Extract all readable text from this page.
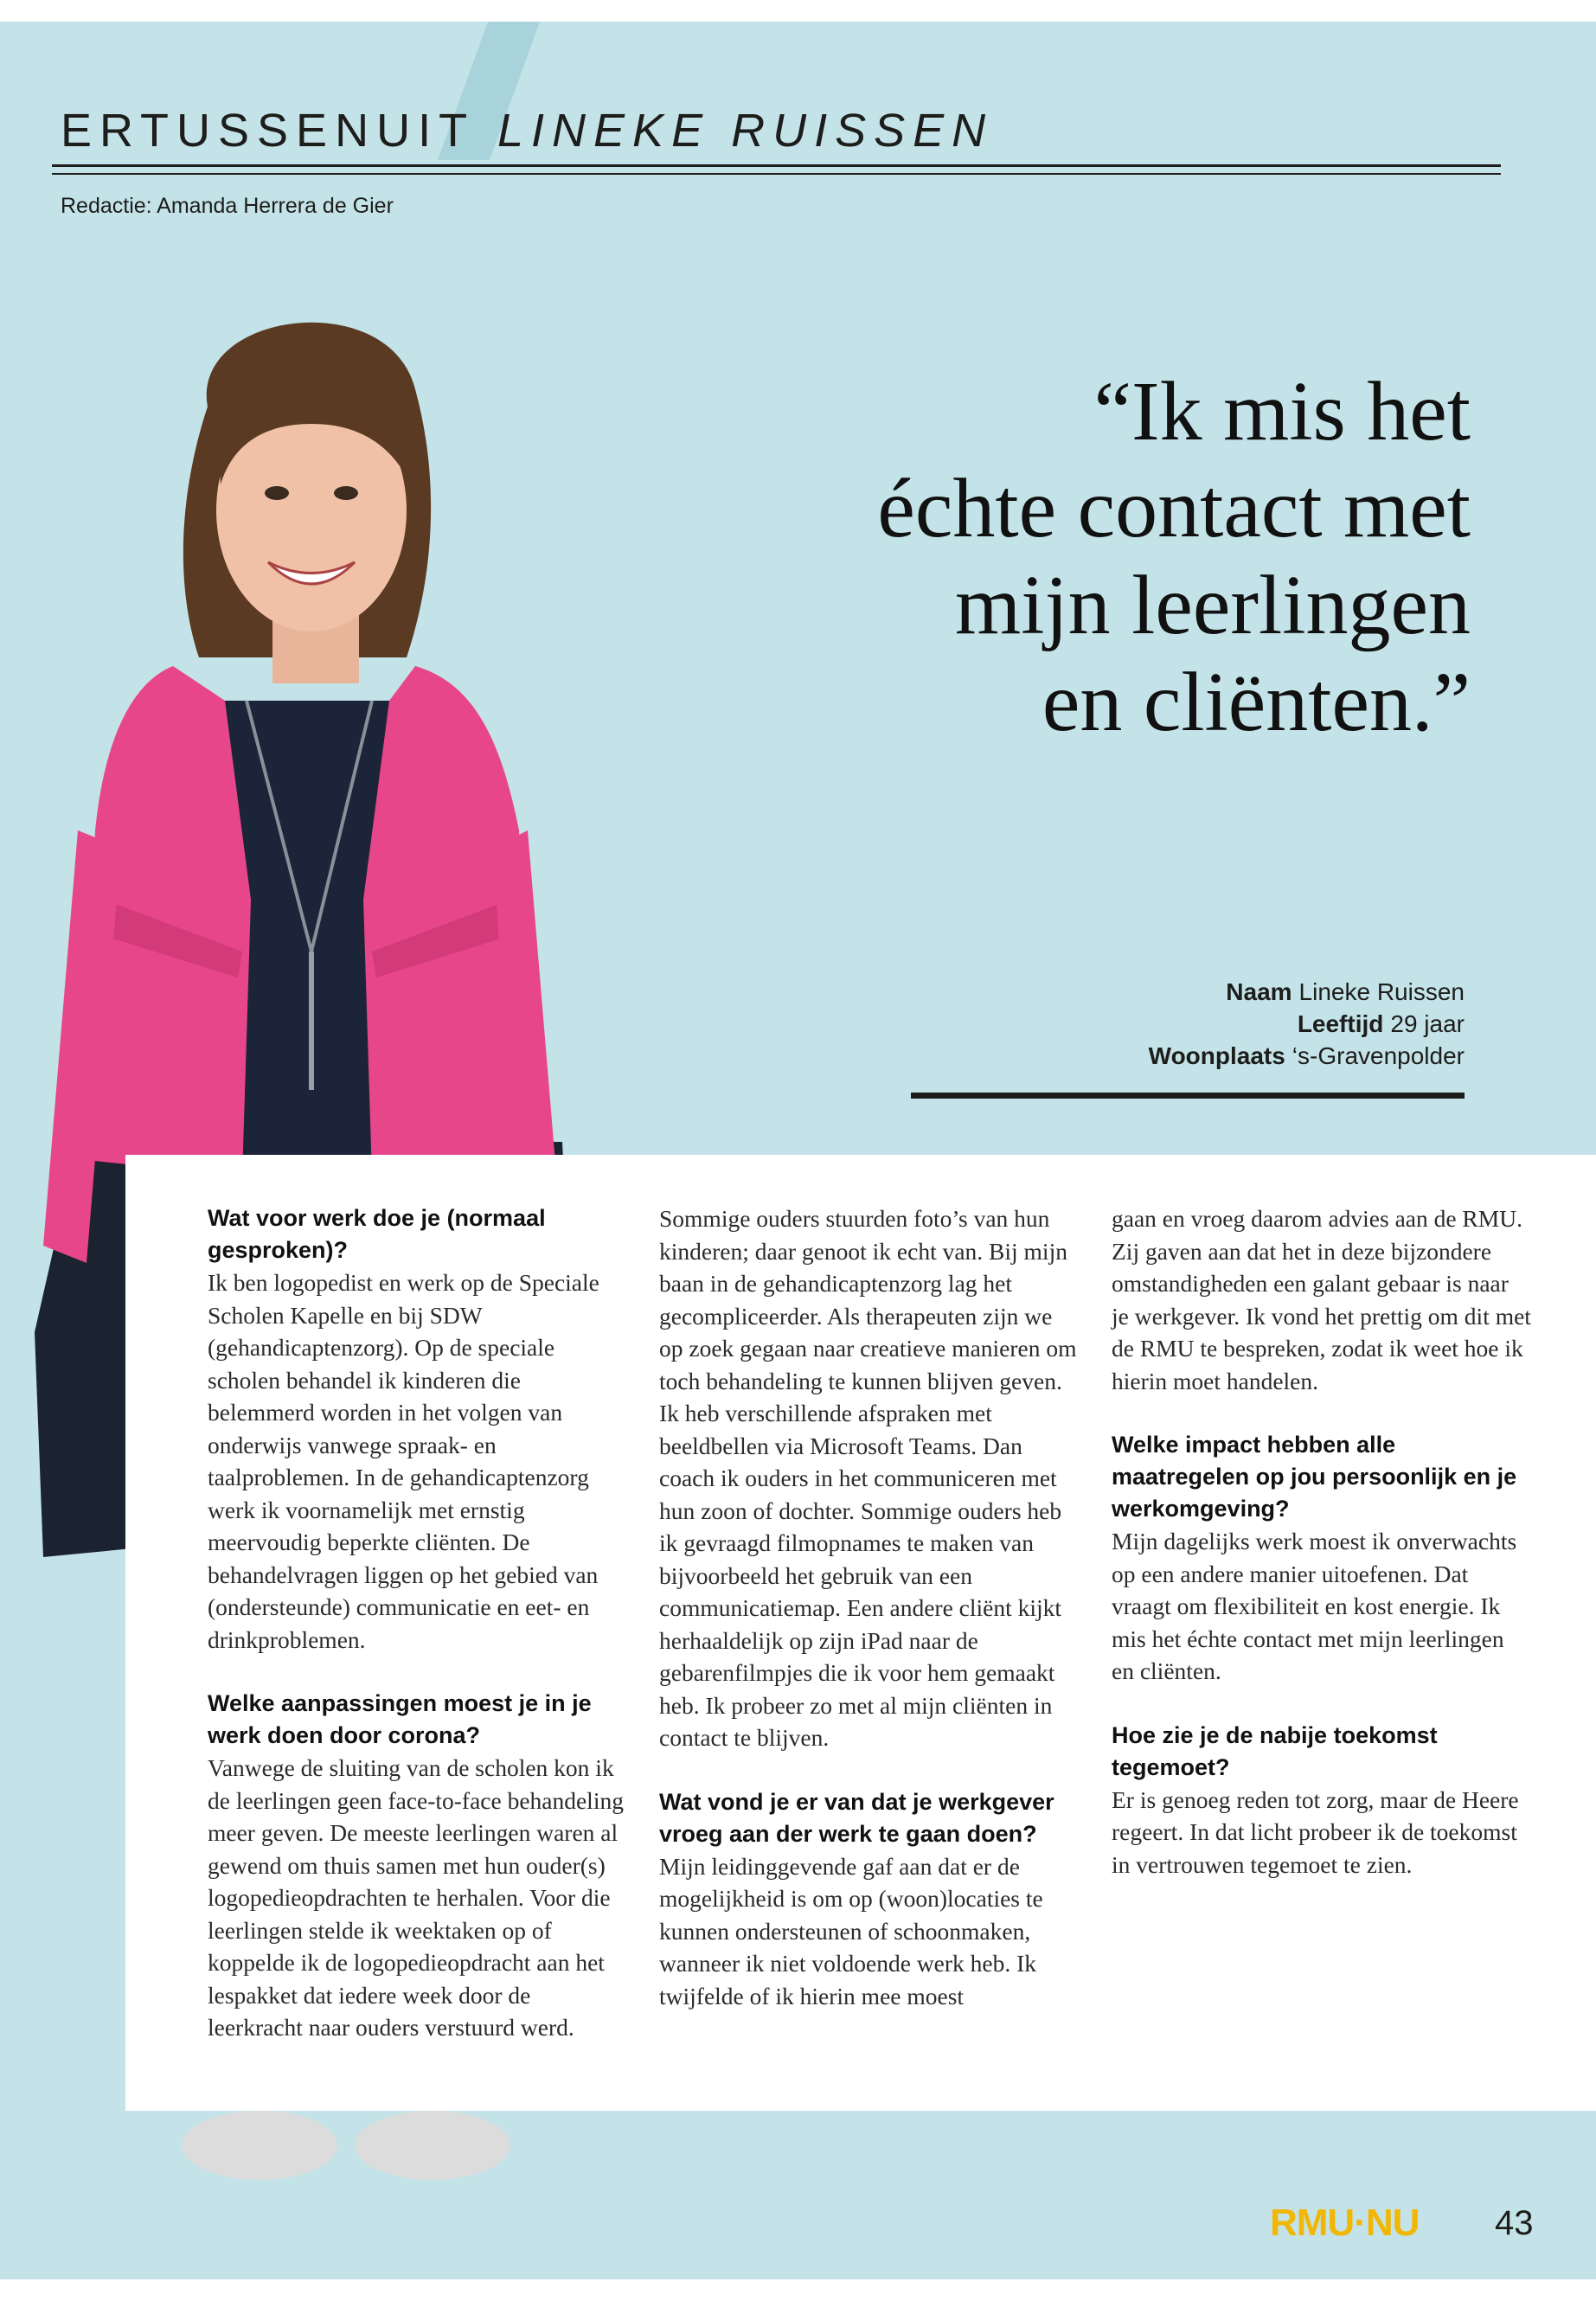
ERTUSSENUIT LINEKE RUISSEN
Redactie: Amanda Herrera de Gier
“Ik mis het
échte contact met
mijn leerlingen
en cliënten.”
Naam Lineke Ruissen
Leeftijd 29 jaar
Woonplaats ‘s-Gravenpolder

Wat voor werk doe je (normaal gesproken)?

Ik ben logopedist en werk op de Speciale Scholen Kapelle en bij SDW (gehandicaptenzorg). Op de speciale scholen behandel ik kinderen die belemmerd worden in het volgen van onderwijs vanwege spraak- en taalproblemen. In de gehandicaptenzorg werk ik voornamelijk met ernstig meervoudig beperkte cliënten. De behandelvragen liggen op het gebied van (ondersteunde) communicatie en eet- en drinkproblemen.

Welke aanpassingen moest je in je werk doen door corona?

Vanwege de sluiting van de scholen kon ik de leerlingen geen face-to-face behandeling meer geven. De meeste leerlingen waren al gewend om thuis samen met hun ouder(s) logopedieopdrachten te herhalen. Voor die leerlingen stelde ik weektaken op of koppelde ik de logopedieopdracht aan het lespakket dat iedere week door de leerkracht naar ouders verstuurd werd.

Sommige ouders stuurden foto’s van hun kinderen; daar genoot ik echt van. Bij mijn baan in de gehandicaptenzorg lag het gecompliceerder. Als therapeuten zijn we op zoek gegaan naar creatieve manieren om toch behandeling te kunnen blijven geven. Ik heb verschillende afspraken met beeldbellen via Microsoft Teams. Dan coach ik ouders in het communiceren met hun zoon of dochter. Sommige ouders heb ik gevraagd filmopnames te maken van bijvoorbeeld het gebruik van een communicatiemap. Een andere cliënt kijkt herhaaldelijk op zijn iPad naar de gebarenfilmpjes die ik voor hem gemaakt heb. Ik probeer zo met al mijn cliënten in contact te blijven.

Wat vond je er van dat je werkgever vroeg aan der werk te gaan doen?

Mijn leidinggevende gaf aan dat er de mogelijkheid is om op (woon)locaties te kunnen ondersteunen of schoonmaken, wanneer ik niet voldoende werk heb. Ik twijfelde of ik hierin mee moest

gaan en vroeg daarom advies aan de RMU. Zij gaven aan dat het in deze bijzondere omstandigheden een galant gebaar is naar je werkgever. Ik vond het prettig om dit met de RMU te bespreken, zodat ik weet hoe ik hierin moet handelen.

Welke impact hebben alle maatregelen op jou persoonlijk en je werkomgeving?

Mijn dagelijks werk moest ik onverwachts op een andere manier uitoefenen. Dat vraagt om flexibiliteit en kost energie. Ik mis het échte contact met mijn leerlingen en cliënten.

Hoe zie je de nabije toekomst tegemoet?

Er is genoeg reden tot zorg, maar de Heere regeert. In dat licht probeer ik de toekomst in vertrouwen tegemoet te zien.

RMU·NU 43
